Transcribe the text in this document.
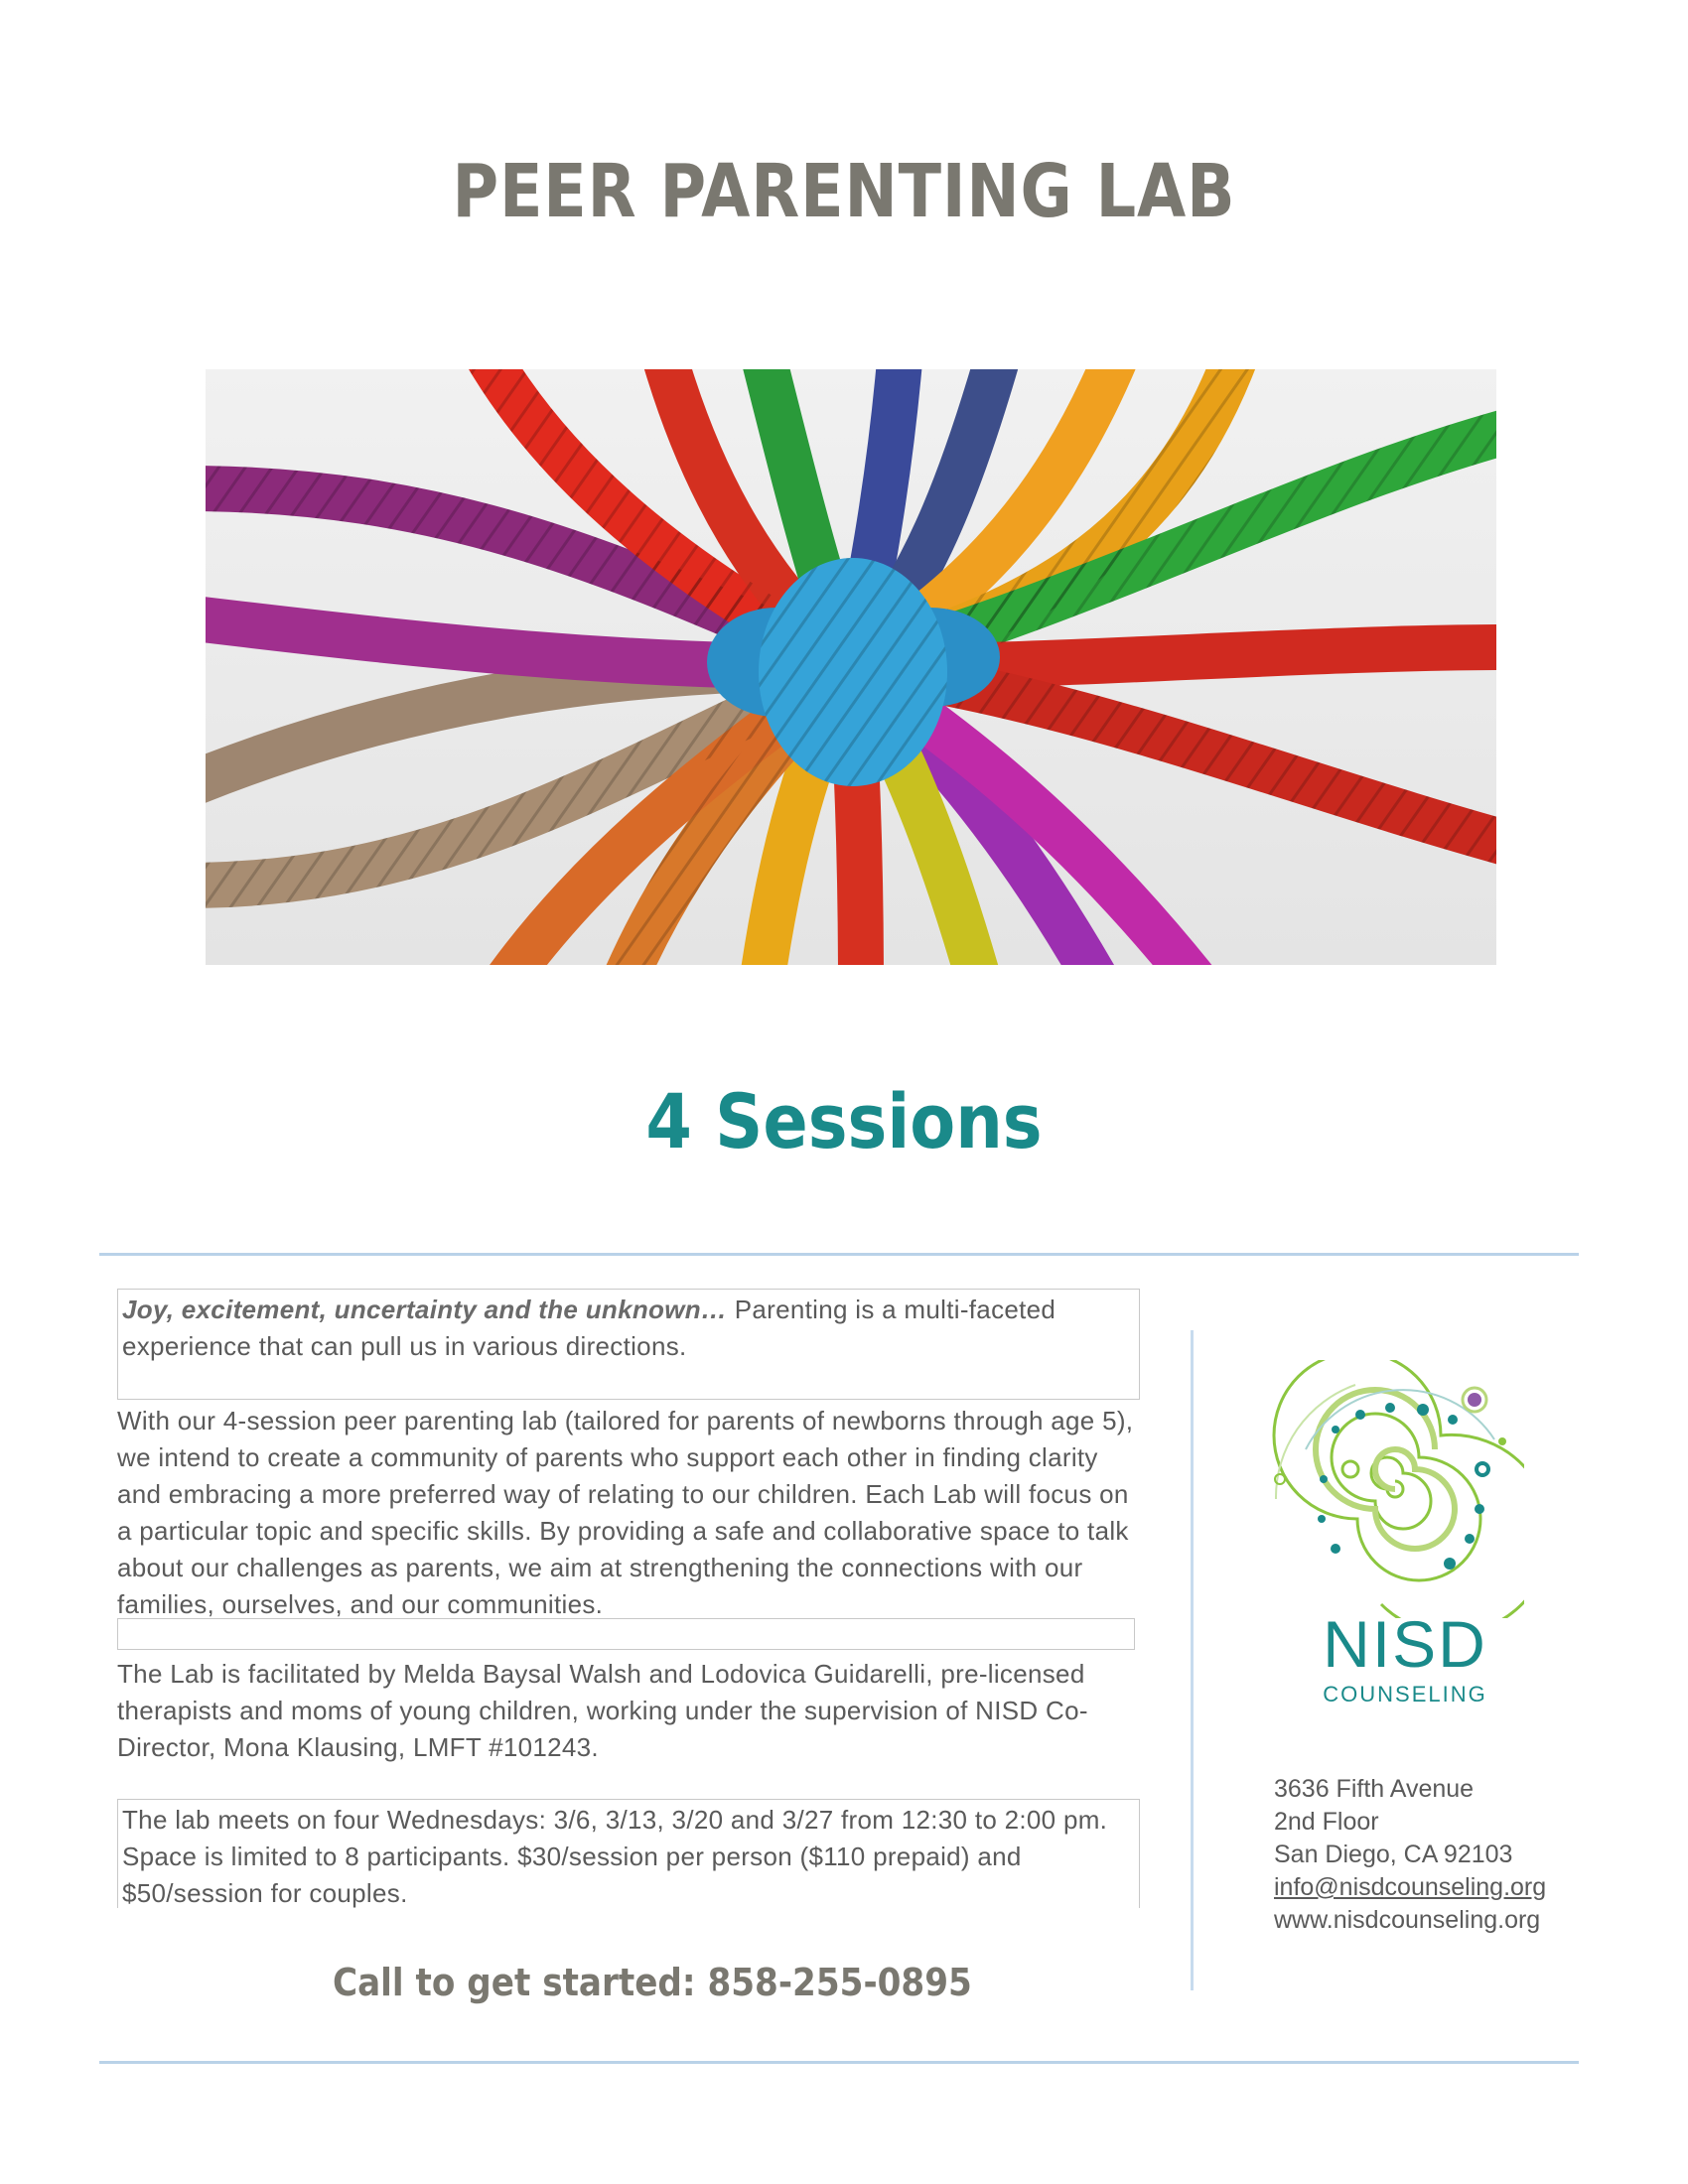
PEER PARENTING LAB
4 Sessions
Joy, excitement, uncertainty and the unknown… Parenting is a multi-faceted experience that can pull us in various directions.
With our 4-session peer parenting lab (tailored for parents of newborns through age 5), we intend to create a community of parents who support each other in finding clarity and embracing a more preferred way of relating to our children. Each Lab will focus on a particular topic and specific skills. By providing a safe and collaborative space to talk about our challenges as parents, we aim at strengthening the connections with our families, ourselves, and our communities.
The Lab is facilitated by Melda Baysal Walsh and Lodovica Guidarelli, pre-licensed therapists and moms of young children, working under the supervision of NISD Co-Director, Mona Klausing, LMFT #101243.
The lab meets on four Wednesdays: 3/6, 3/13, 3/20 and 3/27 from 12:30 to 2:00 pm. Space is limited to 8 participants. $30/session per person ($110 prepaid) and $50/session for couples.
Call to get started: 858-255-0895
NISD
COUNSELING
3636 Fifth Avenue
2nd Floor
San Diego, CA 92103
info@nisdcounseling.org
www.nisdcounseling.org
